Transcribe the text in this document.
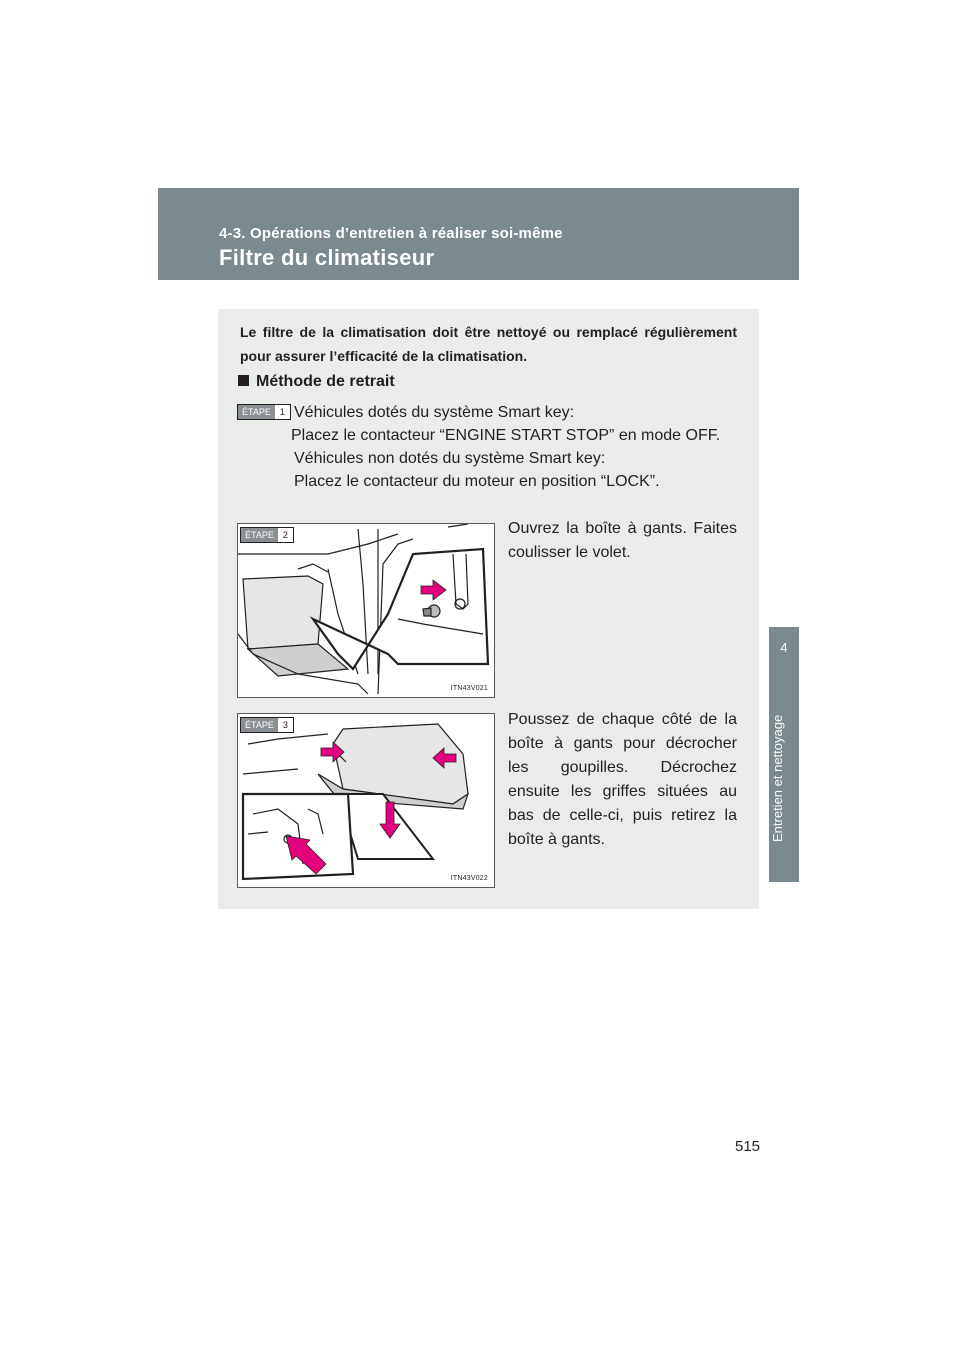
4-3. Opérations d’entretien à réaliser soi-même
Filtre du climatiseur
4
Entretien et nettoyage
Le filtre de la climatisation doit être nettoyé ou remplacé régulièrement pour assurer l’efficacité de la climatisation.
Méthode de retrait
ÉTAPE	1 Véhicules dotés du système Smart key:
Placez le contacteur “ENGINE START STOP” en mode OFF.
Véhicules non dotés du système Smart key:
Placez le contacteur du moteur en position “LOCK”.
ÉTAPE	2
ITN43V021
Ouvrez la boîte à gants. Faites coulisser le volet.
ÉTAPE	3
ITN43V022
Poussez de chaque côté de la boîte à gants pour décrocher les goupilles. Décrochez ensuite les griffes situées au bas de celle-ci, puis retirez la boîte à gants.
515
